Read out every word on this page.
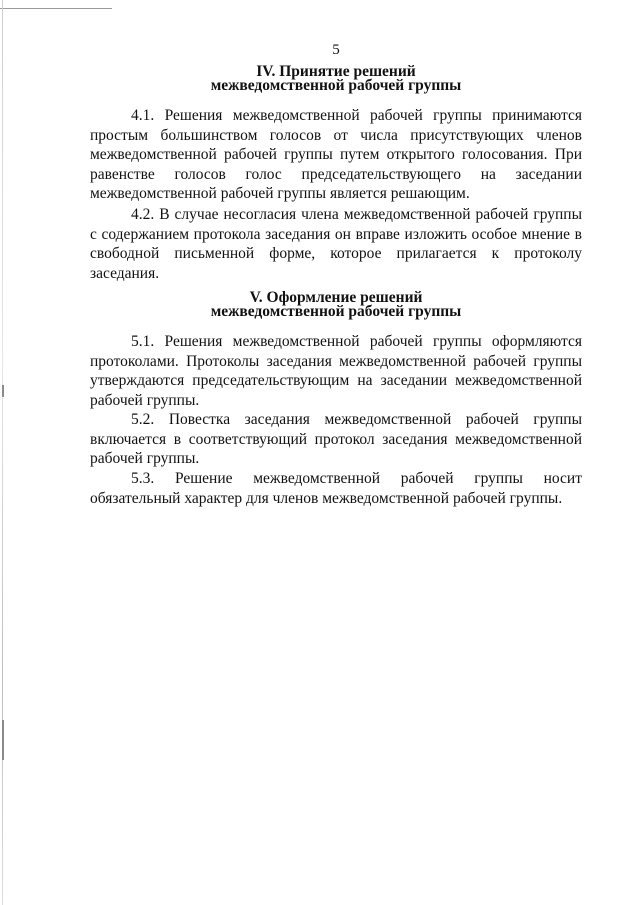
5
IV. Принятие решений
межведомственной рабочей группы

4.1. Решения межведомственной рабочей группы принимаются простым большинством голосов от числа присутствующих членов межведомственной рабочей группы путем открытого голосования. При равенстве голосов голос председательствующего на заседании межведомственной рабочей группы является решающим.

4.2. В случае несогласия члена межведомственной рабочей группы с содержанием протокола заседания он вправе изложить особое мнение в свободной письменной форме, которое прилагается к протоколу заседания.

V. Оформление решений
межведомственной рабочей группы

5.1. Решения межведомственной рабочей группы оформляются протоколами. Протоколы заседания межведомственной рабочей группы утверждаются председательствующим на заседании межведомственной рабочей группы.

5.2. Повестка заседания межведомственной рабочей группы включается в соответствующий протокол заседания межведомственной рабочей группы.

5.3. Решение межведомственной рабочей группы носит обязательный характер для членов межведомственной рабочей группы.
